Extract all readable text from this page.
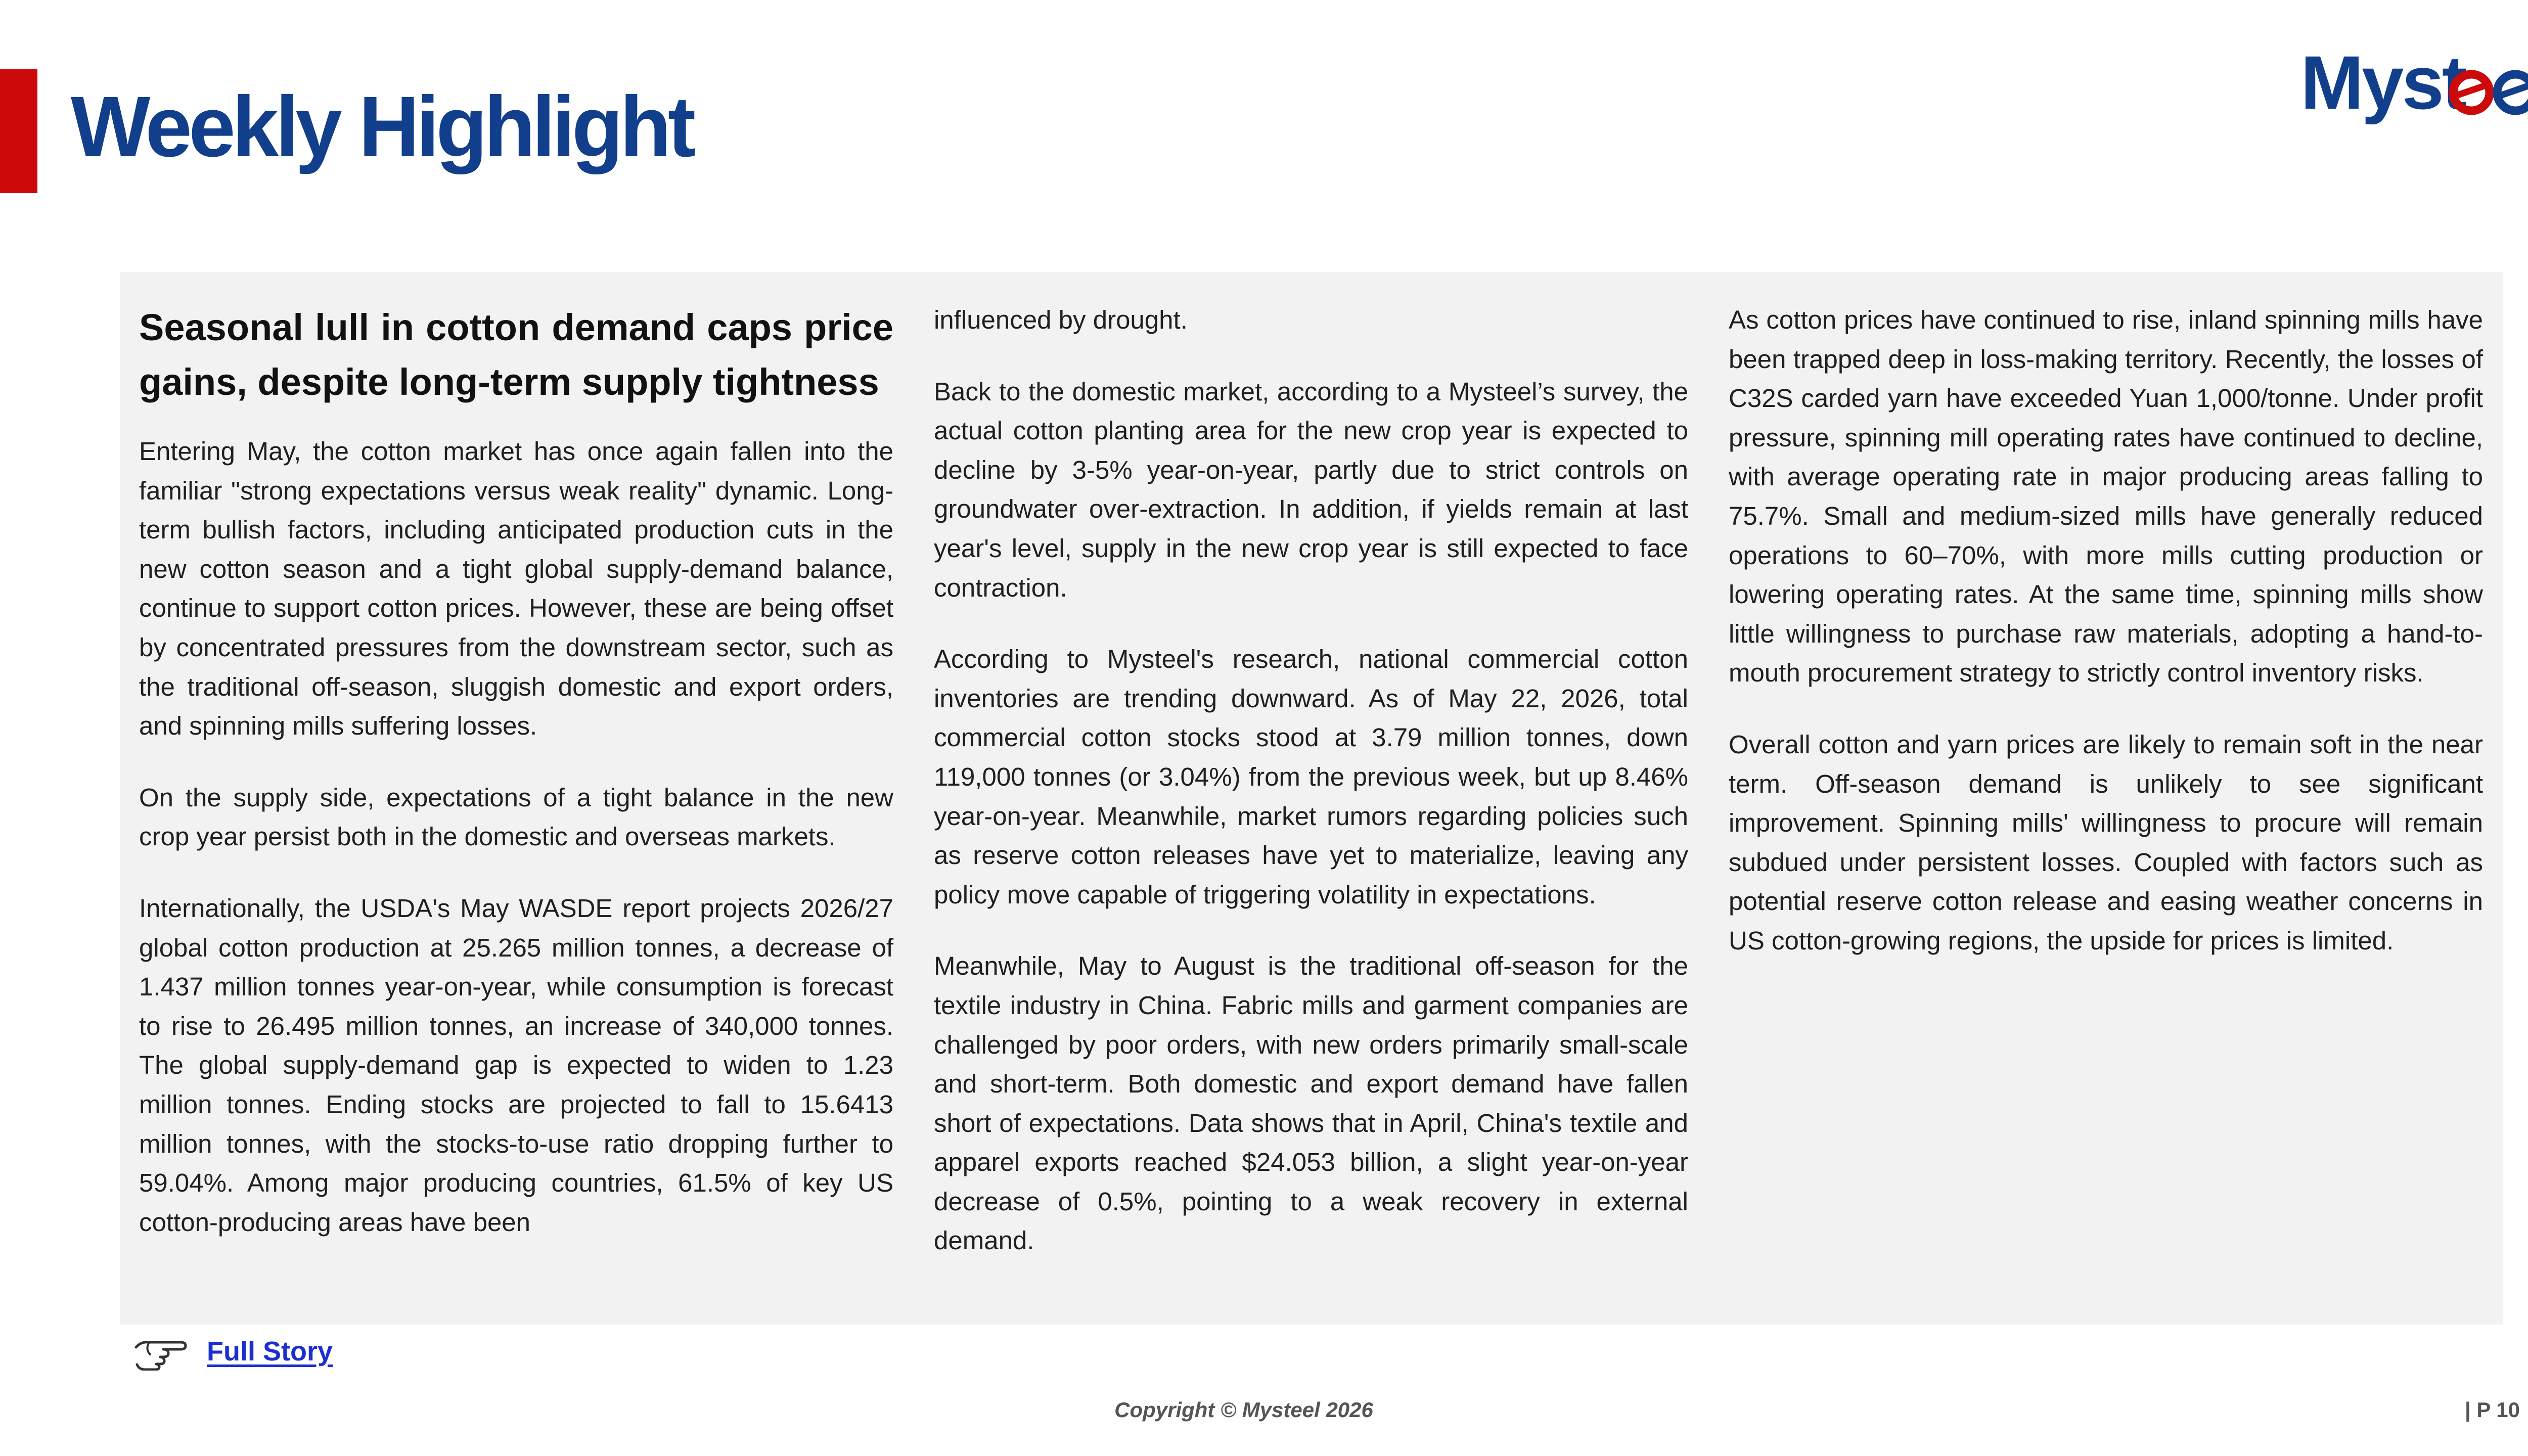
Weekly Highlight	Myst
Seasonal lull in cotton demand caps price gains, despite long-term supply tightness

Entering May, the cotton market has once again fallen into the familiar "strong expectations versus weak reality" dynamic. Long-term bullish factors, including anticipated production cuts in the new cotton season and a tight global supply-demand balance, continue to support cotton prices. However, these are being offset by concentrated pressures from the downstream sector, such as the traditional off-season, sluggish domestic and export orders, and spinning mills suffering losses.

On the supply side, expectations of a tight balance in the new crop year persist both in the domestic and overseas markets.

Internationally, the USDA's May WASDE report projects 2026/27 global cotton production at 25.265 million tonnes, a decrease of 1.437 million tonnes year-on-year, while consumption is forecast to rise to 26.495 million tonnes, an increase of 340,000 tonnes. The global supply-demand gap is expected to widen to 1.23 million tonnes. Ending stocks are projected to fall to 15.6413 million tonnes, with the stocks-to-use ratio dropping further to 59.04%. Among major producing countries, 61.5% of key US cotton-producing areas have been

influenced by drought.

Back to the domestic market, according to a Mysteel’s survey, the actual cotton planting area for the new crop year is expected to decline by 3-5% year-on-year, partly due to strict controls on groundwater over-extraction. In addition, if yields remain at last year's level, supply in the new crop year is still expected to face contraction.

According to Mysteel's research, national commercial cotton inventories are trending downward. As of May 22, 2026, total commercial cotton stocks stood at 3.79 million tonnes, down 119,000 tonnes (or 3.04%) from the previous week, but up 8.46% year-on-year. Meanwhile, market rumors regarding policies such as reserve cotton releases have yet to materialize, leaving any policy move capable of triggering volatility in expectations.

Meanwhile, May to August is the traditional off-season for the textile industry in China. Fabric mills and garment companies are challenged by poor orders, with new orders primarily small-scale and short-term. Both domestic and export demand have fallen short of expectations. Data shows that in April, China's textile and apparel exports reached $24.053 billion, a slight year-on-year decrease of 0.5%, pointing to a weak recovery in external demand.

As cotton prices have continued to rise, inland spinning mills have been trapped deep in loss-making territory. Recently, the losses of C32S carded yarn have exceeded Yuan 1,000/tonne. Under profit pressure, spinning mill operating rates have continued to decline, with average operating rate in major producing areas falling to 75.7%. Small and medium-sized mills have generally reduced operations to 60–70%, with more mills cutting production or lowering operating rates. At the same time, spinning mills show little willingness to purchase raw materials, adopting a hand-to-mouth procurement strategy to strictly control inventory risks.

Overall cotton and yarn prices are likely to remain soft in the near term. Off-season demand is unlikely to see significant improvement. Spinning mills' willingness to procure will remain subdued under persistent losses. Coupled with factors such as potential reserve cotton release and easing weather concerns in US cotton-growing regions, the upside for prices is limited.

Full Story
Copyright © Mysteel 2026	| P 10
